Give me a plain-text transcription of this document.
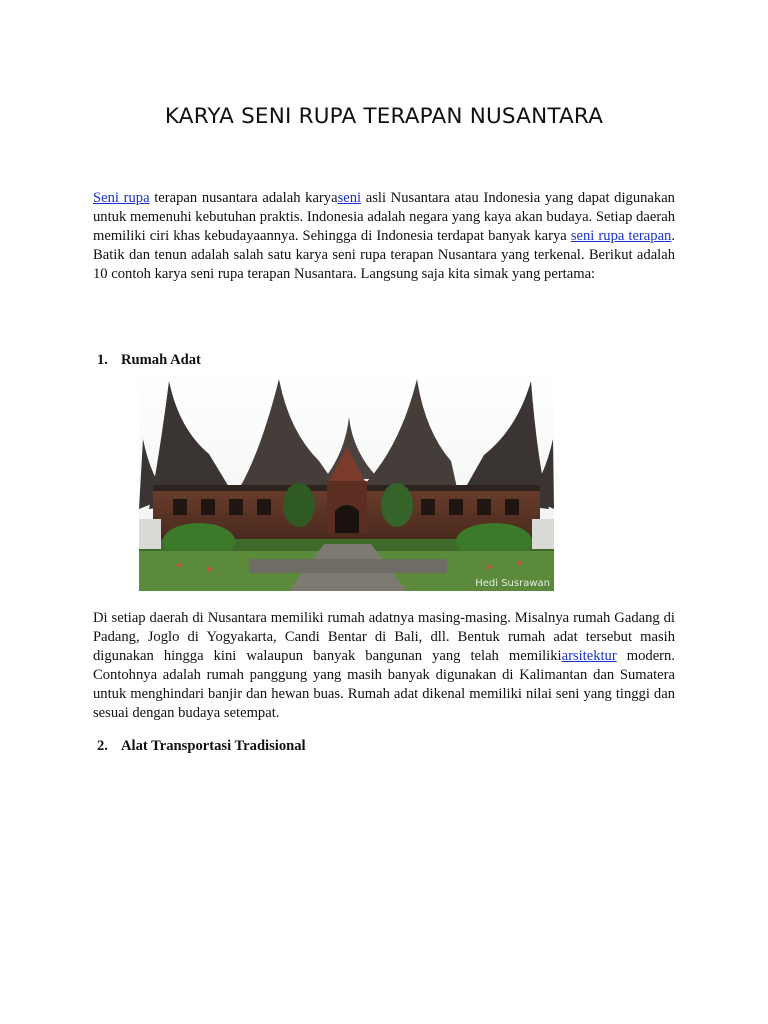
KARYA SENI RUPA TERAPAN NUSANTARA

Seni rupa terapan nusantara adalah karyaseni asli Nusantara atau Indonesia yang dapat digunakan untuk memenuhi kebutuhan praktis. Indonesia adalah negara yang kaya akan budaya. Setiap daerah memiliki ciri khas kebudayaannya. Sehingga di Indonesia terdapat banyak karya seni rupa terapan. Batik dan tenun adalah salah satu karya seni rupa terapan Nusantara yang terkenal. Berikut adalah 10 contoh karya seni rupa terapan Nusantara. Langsung saja kita simak yang pertama:

1. Rumah Adat
Hedi Susrawan

Di setiap daerah di Nusantara memiliki rumah adatnya masing-masing. Misalnya rumah Gadang di Padang, Joglo di Yogyakarta, Candi Bentar di Bali, dll. Bentuk rumah adat tersebut masih digunakan hingga kini walaupun banyak bangunan yang telah memilikiarsitektur modern. Contohnya adalah rumah panggung yang masih banyak digunakan di Kalimantan dan Sumatera untuk menghindari banjir dan hewan buas. Rumah adat dikenal memiliki nilai seni yang tinggi dan sesuai dengan budaya setempat.

2. Alat Transportasi Tradisional
